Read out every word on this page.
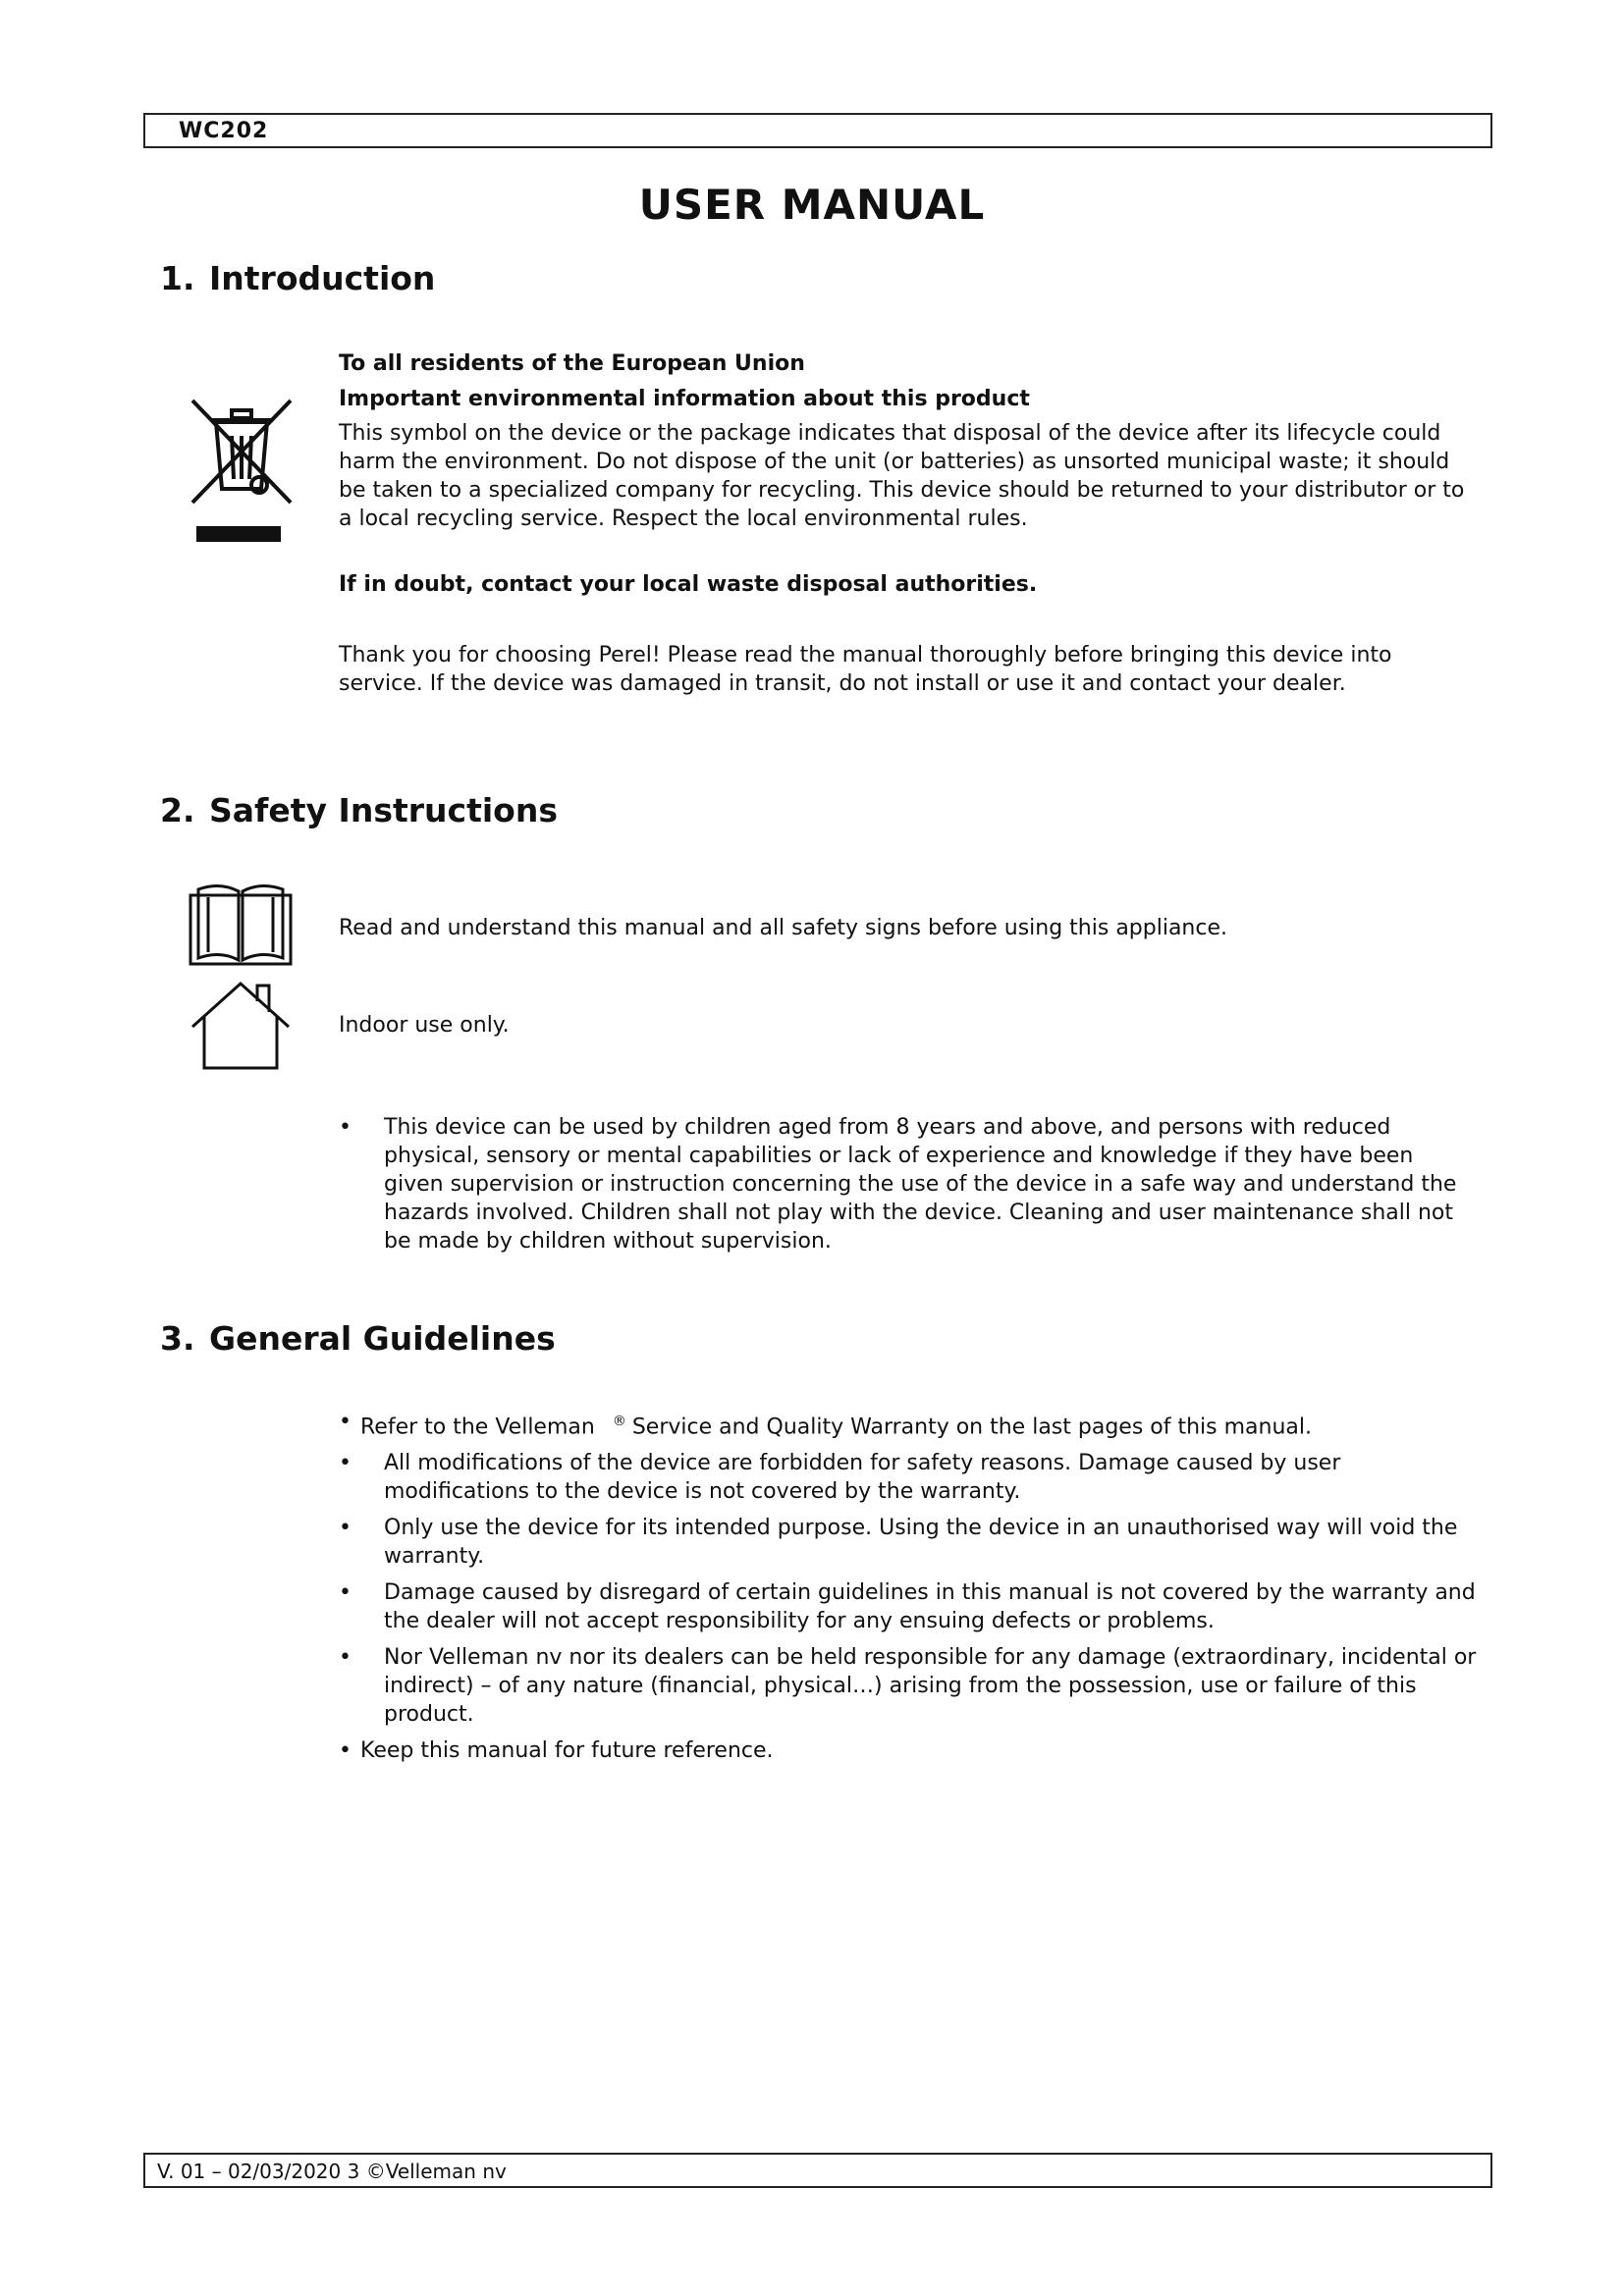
WC202
USER MANUAL
1. Introduction
To all residents of the European Union
Important environmental information about this product
This symbol on the device or the package indicates that disposal of the device after its lifecycle could harm the environment. Do not dispose of the unit (or batteries) as unsorted municipal waste; it should be taken to a specialized company for recycling. This device should be returned to your distributor or to a local recycling service. Respect the local environmental rules.
If in doubt, contact your local waste disposal authorities.
Thank you for choosing Perel! Please read the manual thoroughly before bringing this device into service. If the device was damaged in transit, do not install or use it and contact your dealer.
2. Safety Instructions
Read and understand this manual and all safety signs before using this appliance.
Indoor use only.
• This device can be used by children aged from 8 years and above, and persons with reduced physical, sensory or mental capabilities or lack of experience and knowledge if they have been given supervision or instruction concerning the use of the device in a safe way and understand the hazards involved. Children shall not play with the device. Cleaning and user maintenance shall not be made by children without supervision.
3. General Guidelines
• Refer to the Velleman ® Service and Quality Warranty on the last pages of this manual.
• All modifications of the device are forbidden for safety reasons. Damage caused by user modifications to the device is not covered by the warranty.
• Only use the device for its intended purpose. Using the device in an unauthorised way will void the warranty.
• Damage caused by disregard of certain guidelines in this manual is not covered by the warranty and the dealer will not accept responsibility for any ensuing defects or problems.
• Nor Velleman nv nor its dealers can be held responsible for any damage (extraordinary, incidental or indirect) – of any nature (financial, physical…) arising from the possession, use or failure of this product.
• Keep this manual for future reference.
V. 01 – 02/03/2020 3 ©Velleman nv
